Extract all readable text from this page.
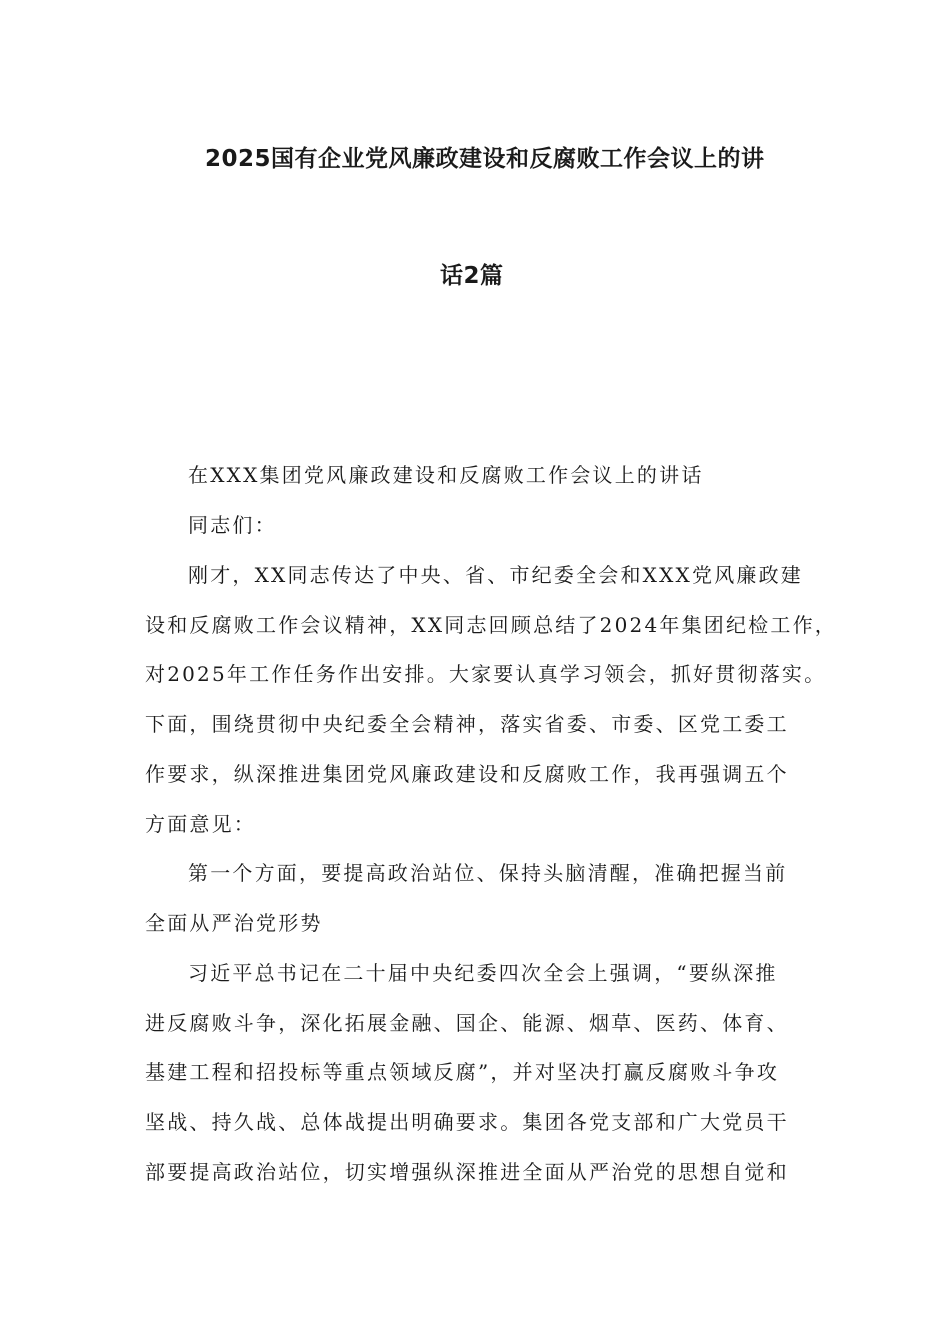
2025国有企业党风廉政建设和反腐败工作会议上的讲
话2篇
在XXX集团党风廉政建设和反腐败工作会议上的讲话
同志们：
刚才，XX同志传达了中央、省、市纪委全会和XXX党风廉政建
设和反腐败工作会议精神，XX同志回顾总结了2024年集团纪检工作，
对2025年工作任务作出安排。大家要认真学习领会，抓好贯彻落实。
下面，围绕贯彻中央纪委全会精神，落实省委、市委、区党工委工
作要求，纵深推进集团党风廉政建设和反腐败工作，我再强调五个
方面意见：
第一个方面，要提高政治站位、保持头脑清醒，准确把握当前
全面从严治党形势
习近平总书记在二十届中央纪委四次全会上强调，“要纵深推
进反腐败斗争，深化拓展金融、国企、能源、烟草、医药、体育、
基建工程和招投标等重点领域反腐”，并对坚决打赢反腐败斗争攻
坚战、持久战、总体战提出明确要求。集团各党支部和广大党员干
部要提高政治站位，切实增强纵深推进全面从严治党的思想自觉和
